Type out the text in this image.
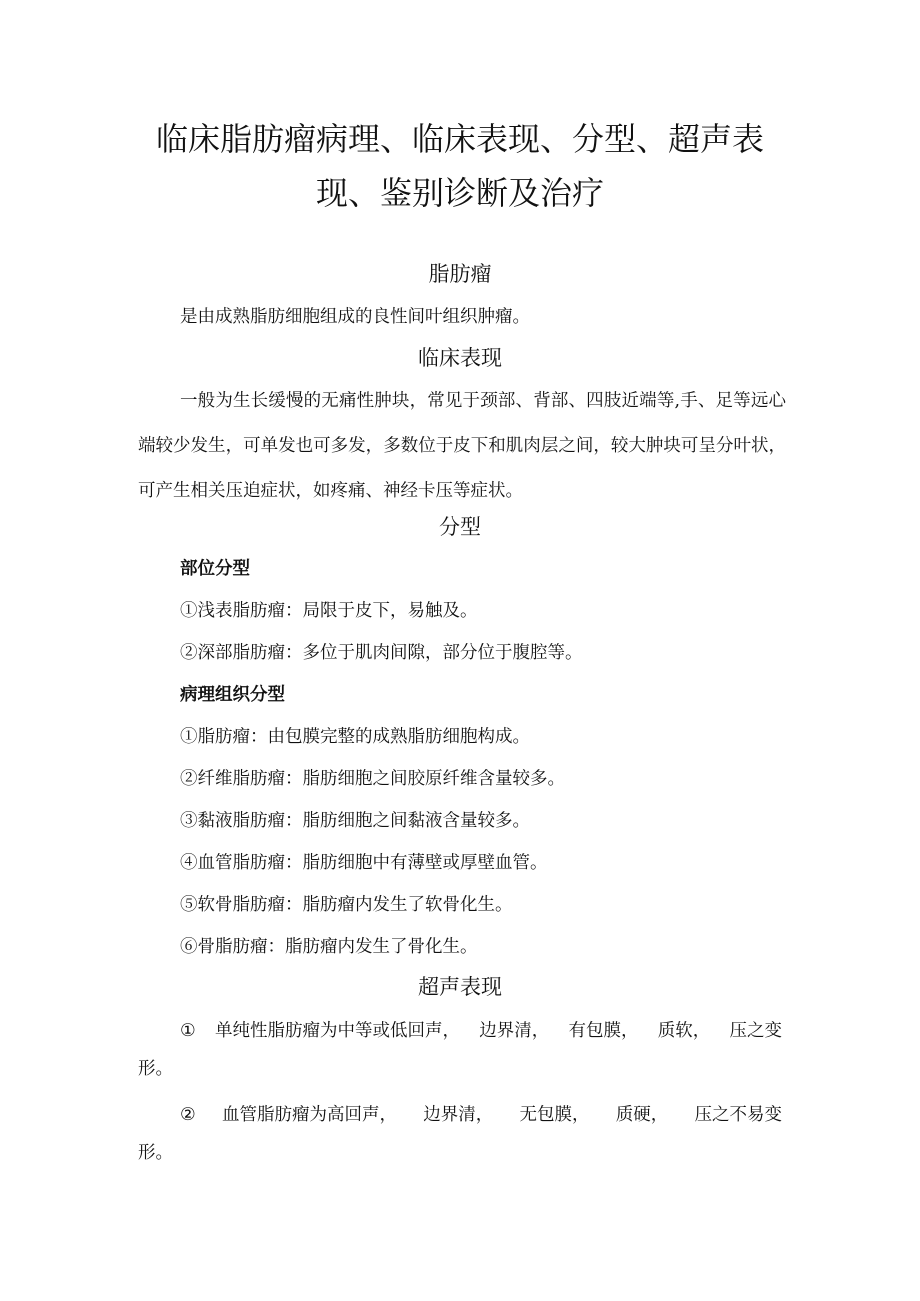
临床脂肪瘤病理、临床表现、分型、超声表
现、鉴别诊断及治疗
脂肪瘤

是由成熟脂肪细胞组成的良性间叶组织肿瘤。

临床表现

一般为生长缓慢的无痛性肿块，常见于颈部、背部、四肢近端等,手、足等远心端较少发生，可单发也可多发，多数位于皮下和肌肉层之间，较大肿块可呈分叶状，可产生相关压迫症状，如疼痛、神经卡压等症状。

分型

部位分型

①浅表脂肪瘤：局限于皮下，易触及。

②深部脂肪瘤：多位于肌肉间隙，部分位于腹腔等。

病理组织分型

①脂肪瘤：由包膜完整的成熟脂肪细胞构成。

②纤维脂肪瘤：脂肪细胞之间胶原纤维含量较多。

③黏液脂肪瘤：脂肪细胞之间黏液含量较多。

④血管脂肪瘤：脂肪细胞中有薄壁或厚壁血管。

⑤软骨脂肪瘤：脂肪瘤内发生了软骨化生。

⑥骨脂肪瘤：脂肪瘤内发生了骨化生。

超声表现
① 单纯性脂肪瘤为中等或低回声， 边界清， 有包膜， 质软， 压之变
形。
② 血管脂肪瘤为高回声， 边界清， 无包膜， 质硬， 压之不易变
形。
